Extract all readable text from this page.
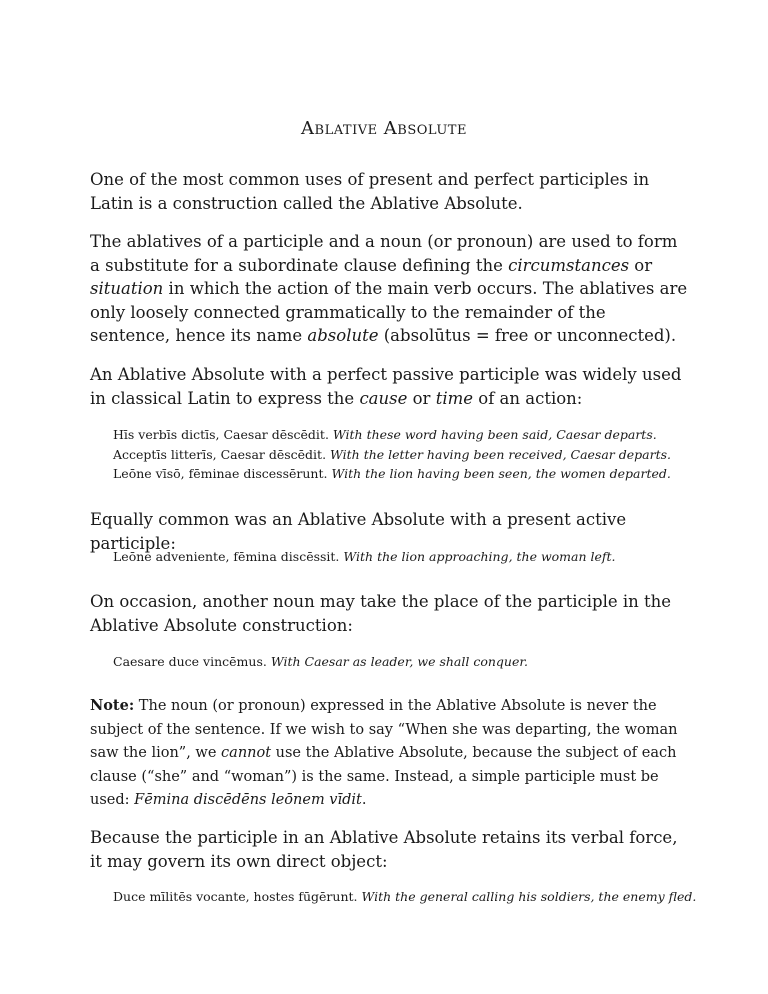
Ablative Absolute

One of the most common uses of present and perfect participles in Latin is a construction called the Ablative Absolute.

The ablatives of a participle and a noun (or pronoun) are used to form a substitute for a subordinate clause defining the circumstances or situation in which the action of the main verb occurs. The ablatives are only loosely connected grammatically to the remainder of the sentence, hence its name absolute (absolūtus = free or unconnected).

An Ablative Absolute with a perfect passive participle was widely used in classical Latin to express the cause or time of an action:

Hīs verbīs dictīs, Caesar dēscēdit. With these word having been said, Caesar departs.
Acceptīs litterīs, Caesar dēscēdit. With the letter having been received, Caesar departs.
Leōne vīsō, fēminae discessērunt. With the lion having been seen, the women departed.

Equally common was an Ablative Absolute with a present active participle:

Leōne adveniente, fēmina discēssit. With the lion approaching, the woman left.

On occasion, another noun may take the place of the participle in the Ablative Absolute construction:

Caesare duce vincēmus. With Caesar as leader, we shall conquer.

Note: The noun (or pronoun) expressed in the Ablative Absolute is never the subject of the sentence. If we wish to say “When she was departing, the woman saw the lion”, we cannot use the Ablative Absolute, because the subject of each clause (“she” and “woman”) is the same. Instead, a simple participle must be used: Fēmina discēdēns leōnem vīdit.

Because the participle in an Ablative Absolute retains its verbal force, it may govern its own direct object:

Duce mīlitēs vocante, hostes fūgērunt. With the general calling his soldiers, the enemy fled.
